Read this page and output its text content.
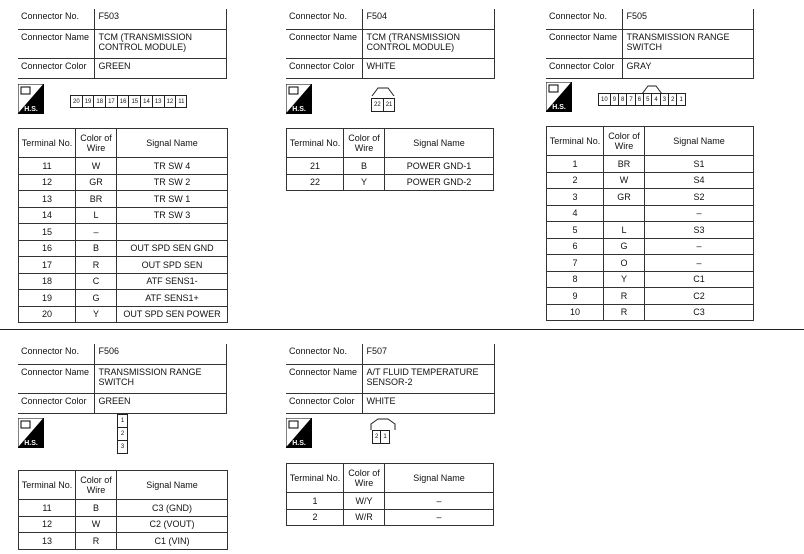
Connector No.	F503
Connector Name	TCM (TRANSMISSION CONTROL MODULE)
Connector Color	GREEN
H.S.
20 19 18 17 16 15 14 13 12 11
Terminal No.	Color of Wire	Signal Name
11	W	TR SW 4
12	GR	TR SW 2
13	BR	TR SW 1
14	L	TR SW 3
15	–	
16	B	OUT SPD SEN GND
17	R	OUT SPD SEN
18	C	ATF SENS1-
19	G	ATF SENS1+
20	Y	OUT SPD SEN POWER
Connector No.	F504
Connector Name	TCM (TRANSMISSION CONTROL MODULE)
Connector Color	WHITE
H.S.
22 21
Terminal No.	Color of Wire	Signal Name
21	B	POWER GND-1
22	Y	POWER GND-2
Connector No.	F505
Connector Name	TRANSMISSION RANGE SWITCH
Connector Color	GRAY
H.S.
10 9 8 7 6 5 4 3 2 1
Terminal No.	Color of Wire	Signal Name
1	BR	S1
2	W	S4
3	GR	S2
4		–
5	L	S3
6	G	–
7	O	–
8	Y	C1
9	R	C2
10	R	C3
Connector No.	F506
Connector Name	TRANSMISSION RANGE SWITCH
Connector Color	GREEN
H.S.
1
2
3
Terminal No.	Color of Wire	Signal Name
11	B	C3 (GND)
12	W	C2 (VOUT)
13	R	C1 (VIN)
Connector No.	F507
Connector Name	A/T FLUID TEMPERATURE SENSOR-2
Connector Color	WHITE
H.S.
2 1
Terminal No.	Color of Wire	Signal Name
1	W/Y	–
2	W/R	–
